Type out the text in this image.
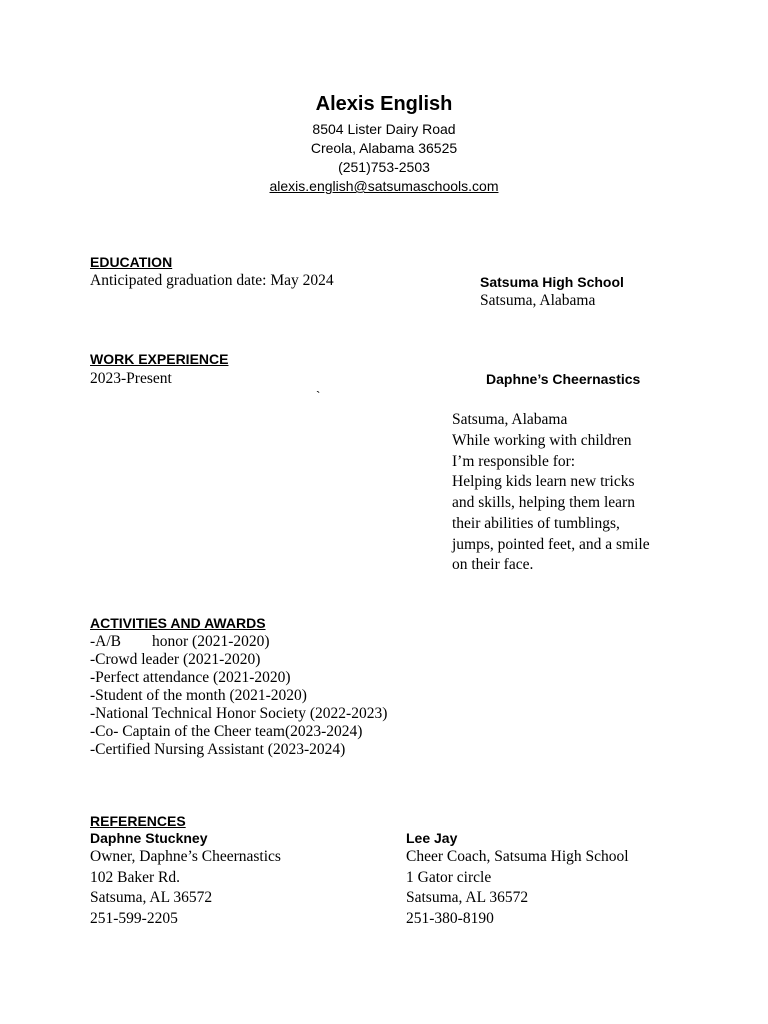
Alexis English
8504 Lister Dairy Road
Creola, Alabama 36525
(251)753-2503
alexis.english@satsumaschools.com
EDUCATION
Anticipated graduation date: May 2024	Satsuma High School
Satsuma, Alabama
WORK EXPERIENCE
2023-Present
`
Daphne’s Cheernastics
Satsuma, Alabama
While working with children
I’m responsible for:
Helping kids learn new tricks
and skills, helping them learn
their abilities of tumblings,
jumps, pointed feet, and a smile
on their face.
ACTIVITIES AND AWARDS
-A/B        honor (2021-2020)
-Crowd leader (2021-2020)
-Perfect attendance (2021-2020)
-Student of the month (2021-2020)
-National Technical Honor Society (2022-2023)
-Co- Captain of the Cheer team(2023-2024)
-Certified Nursing Assistant (2023-2024)
REFERENCES
Daphne Stuckney
Owner, Daphne’s Cheernastics
102 Baker Rd.
Satsuma, AL 36572
251-599-2205
Lee Jay
Cheer Coach, Satsuma High School
1 Gator circle
Satsuma, AL 36572
251-380-8190
